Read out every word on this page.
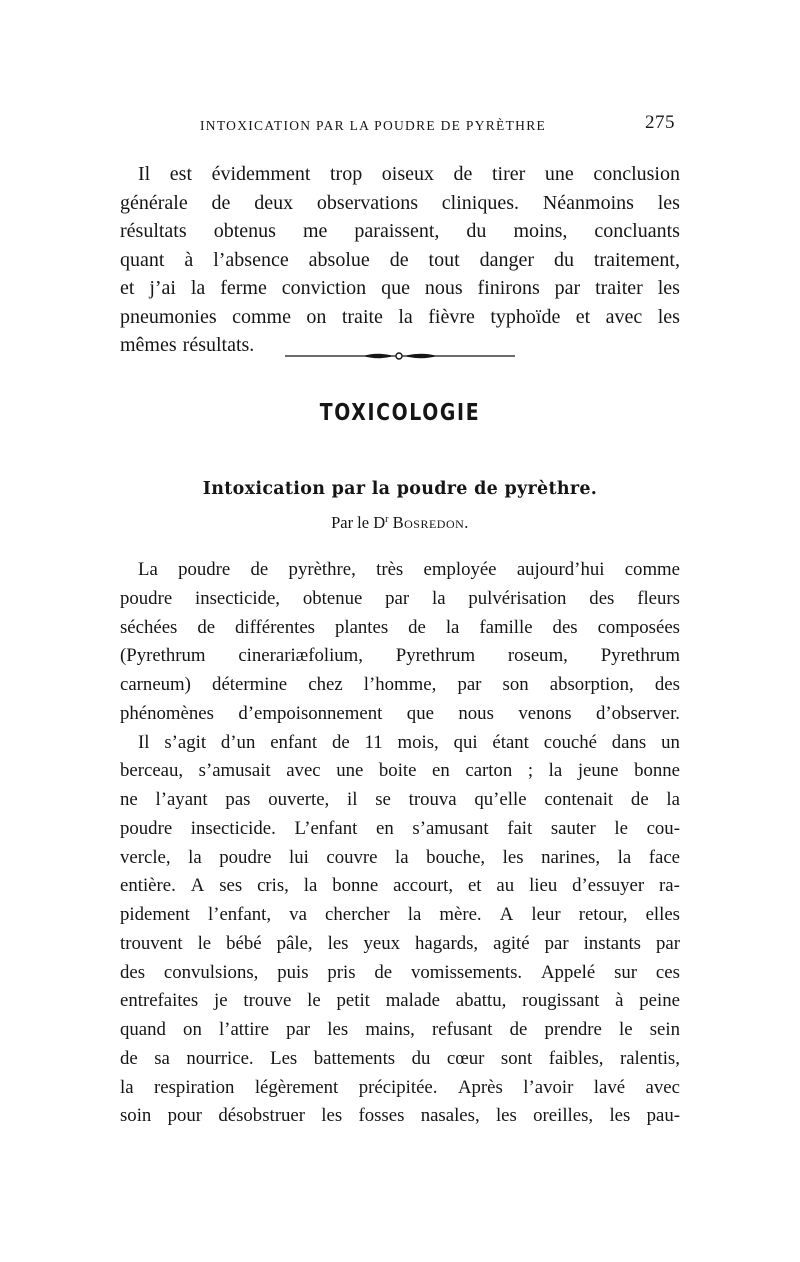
INTOXICATION PAR LA POUDRE DE PYRÈTHRE	275
Il est évidemment trop oiseux de tirer une conclusion
générale de deux observations cliniques. Néanmoins les
résultats obtenus me paraissent, du moins, concluants
quant à l’absence absolue de tout danger du traitement,
et j’ai la ferme conviction que nous finirons par traiter les
pneumonies comme on traite la fièvre typhoïde et avec les
mêmes résultats.
TOXICOLOGIE
Intoxication par la poudre de pyrèthre.
Par le $D^r$ Bosredon.
La poudre de pyrèthre, très employée aujourd’hui comme
poudre insecticide, obtenue par la pulvérisation des fleurs
séchées de différentes plantes de la famille des composées
(Pyrethrum cinerariæfolium, Pyrethrum roseum, Pyrethrum
carneum) détermine chez l’homme, par son absorption, des
phénomènes d’empoisonnement que nous venons d’observer.
Il s’agit d’un enfant de 11 mois, qui étant couché dans un
berceau, s’amusait avec une boite en carton ; la jeune bonne
ne l’ayant pas ouverte, il se trouva qu’elle contenait de la
poudre insecticide. L’enfant en s’amusant fait sauter le cou-
vercle, la poudre lui couvre la bouche, les narines, la face
entière. A ses cris, la bonne accourt, et au lieu d’essuyer ra-
pidement l’enfant, va chercher la mère. A leur retour, elles
trouvent le bébé pâle, les yeux hagards, agité par instants par
des convulsions, puis pris de vomissements. Appelé sur ces
entrefaites je trouve le petit malade abattu, rougissant à peine
quand on l’attire par les mains, refusant de prendre le sein
de sa nourrice. Les battements du cœur sont faibles, ralentis,
la respiration légèrement précipitée. Après l’avoir lavé avec
soin pour désobstruer les fosses nasales, les oreilles, les pau-
